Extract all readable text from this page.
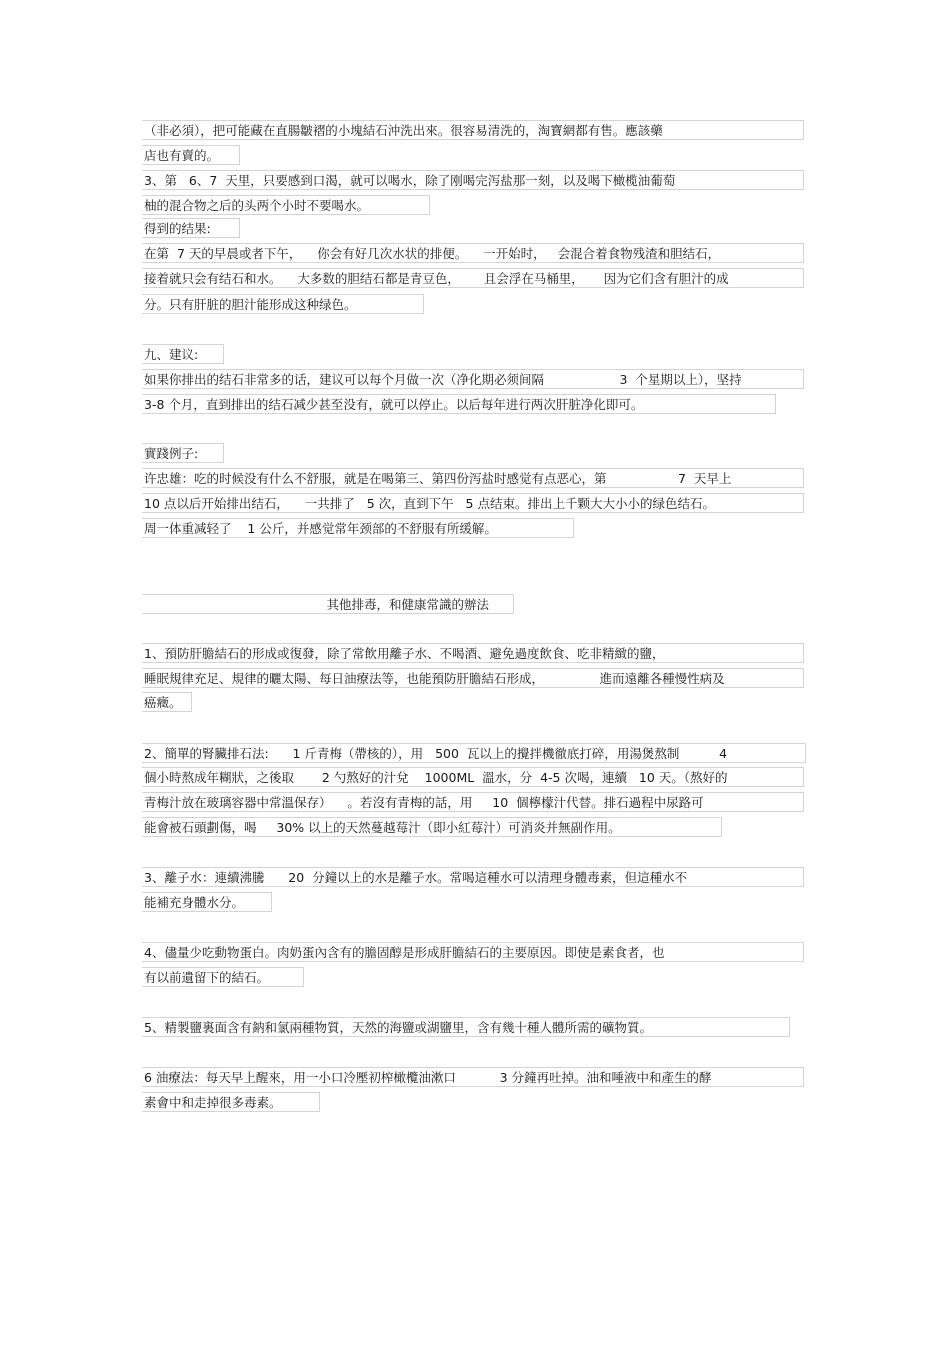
（非必須），把可能藏在直腸皺褶的小塊結石沖洗出來。很容易清洗的，淘寶網都有售。應該藥
店也有賣的。
3、第   6、7  天里，只要感到口渴，就可以喝水，除了刚喝完泻盐那一刻，以及喝下橄榄油葡萄
柚的混合物之后的头两个小时不要喝水。
得到的结果:
在第  7 天的早晨或者下午，    你会有好几次水状的排便。    一开始时，   会混合着食物残渣和胆结石，
接着就只会有结石和水。    大多数的胆结石都是青豆色，      且会浮在马桶里，     因为它们含有胆汁的成
分。只有肝脏的胆汁能形成这种绿色。
九、建议:
如果你排出的结石非常多的话，建议可以每个月做一次（净化期必须间隔                   3  个星期以上），坚持
3-8 个月，直到排出的结石减少甚至没有，就可以停止。以后每年进行两次肝脏净化即可。
實踐例子:
许忠雄：吃的时候没有什么不舒服，就是在喝第三、第四份泻盐时感觉有点恶心，第                  7  天早上
10 点以后开始排出结石，    一共排了   5 次，直到下午   5 点结束。排出上千颗大大小小的绿色结石。
周一体重减轻了    1 公斤，并感觉常年颈部的不舒服有所缓解。
其他排毒，和健康常識的辦法
1、預防肝膽結石的形成或復發，除了常飲用離子水、不喝酒、避免過度飲食、吃非精緻的鹽，
睡眠規律充足、規律的曬太陽、每日油療法等，也能預防肝膽結石形成，              進而遠離各種慢性病及
癌癥。
2、簡單的腎臟排石法:      1 斤青梅（帶核的），用   500  瓦以上的攪拌機徹底打碎，用湯煲熬制          4
個小時熬成年糊狀，之後取       2 勺熬好的汁兌    1000ML  溫水，分  4-5 次喝，連續   10 天。（熬好的
青梅汁放在玻璃容器中常溫保存）    。若沒有青梅的話，用     10  個檸檬汁代替。排石過程中尿路可
能會被石頭劃傷，喝     30% 以上的天然蔓越莓汁（即小紅莓汁）可消炎并無副作用。
3、離子水：連續沸騰      20  分鐘以上的水是離子水。常喝這種水可以清理身體毒素，但這種水不
能補充身體水分。
4、儘量少吃動物蛋白。肉奶蛋內含有的膽固醇是形成肝膽結石的主要原因。即使是素食者，也
有以前遺留下的結石。
5、精製鹽裏面含有鈉和氯兩種物質，天然的海鹽或湖鹽里，含有幾十種人體所需的礦物質。
6 油療法：每天早上醒來，用一小口冷壓初榨橄欖油漱口           3 分鐘再吐掉。油和唾液中和產生的酵
素會中和走掉很多毒素。
